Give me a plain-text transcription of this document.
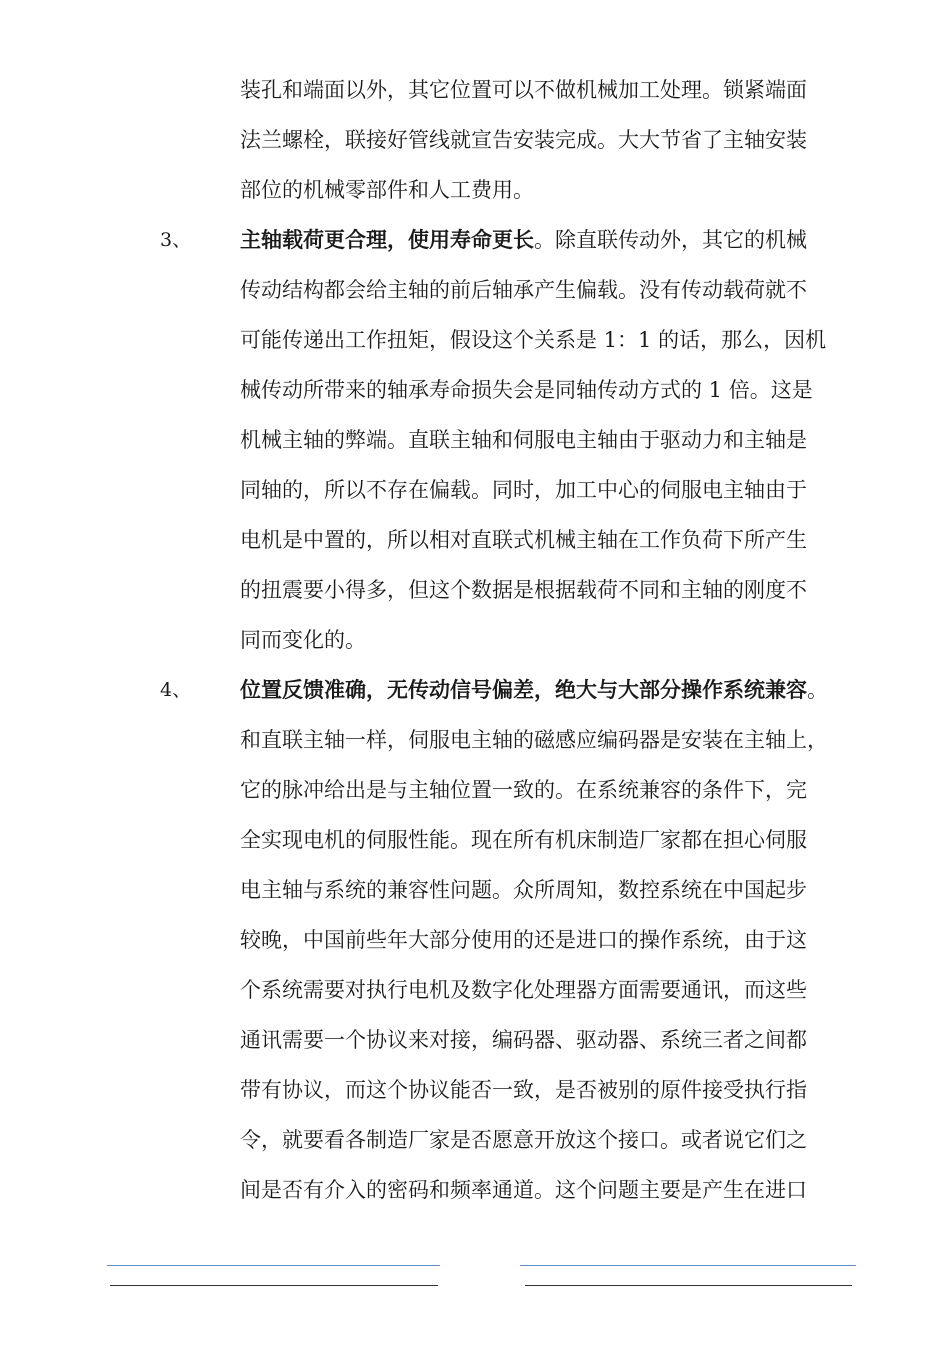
装孔和端面以外，其它位置可以不做机械加工处理。锁紧端面
法兰螺栓，联接好管线就宣告安装完成。大大节省了主轴安装
部位的机械零部件和人工费用。
3、 主轴载荷更合理，使用寿命更长。除直联传动外，其它的机械
传动结构都会给主轴的前后轴承产生偏载。没有传动载荷就不
可能传递出工作扭矩，假设这个关系是 1：1 的话，那么，因机
械传动所带来的轴承寿命损失会是同轴传动方式的 1 倍。这是
机械主轴的弊端。直联主轴和伺服电主轴由于驱动力和主轴是
同轴的，所以不存在偏载。同时，加工中心的伺服电主轴由于
电机是中置的，所以相对直联式机械主轴在工作负荷下所产生
的扭震要小得多，但这个数据是根据载荷不同和主轴的刚度不
同而变化的。
4、 位置反馈准确，无传动信号偏差，绝大与大部分操作系统兼容。
和直联主轴一样，伺服电主轴的磁感应编码器是安装在主轴上，
它的脉冲给出是与主轴位置一致的。在系统兼容的条件下，完
全实现电机的伺服性能。现在所有机床制造厂家都在担心伺服
电主轴与系统的兼容性问题。众所周知，数控系统在中国起步
较晚，中国前些年大部分使用的还是进口的操作系统，由于这
个系统需要对执行电机及数字化处理器方面需要通讯，而这些
通讯需要一个协议来对接，编码器、驱动器、系统三者之间都
带有协议，而这个协议能否一致，是否被别的原件接受执行指
令，就要看各制造厂家是否愿意开放这个接口。或者说它们之
间是否有介入的密码和频率通道。这个问题主要是产生在进口
